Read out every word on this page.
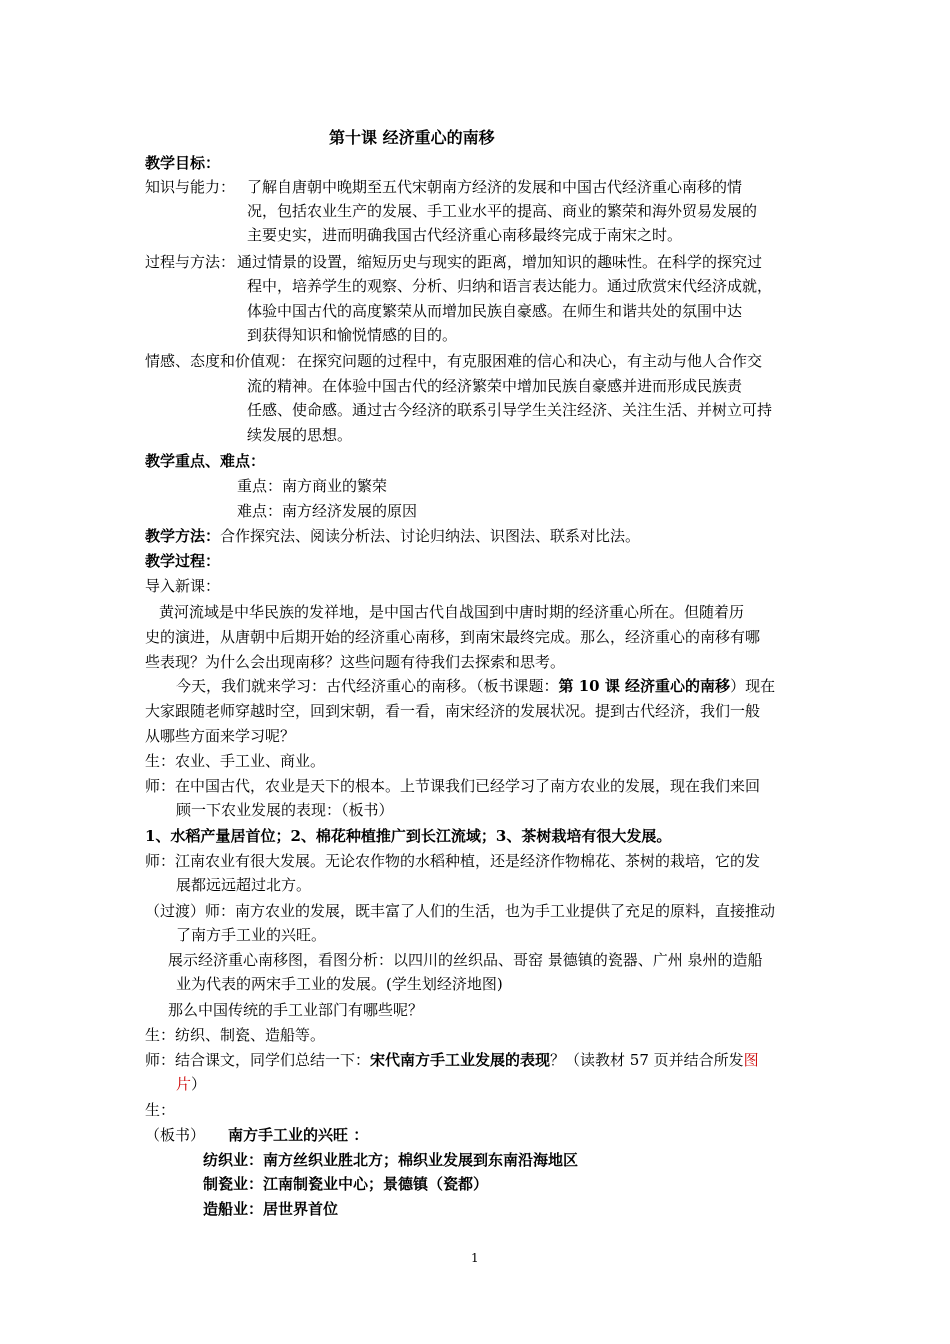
第十课 经济重心的南移
教学目标：
知识与能力： 了解自唐朝中晚期至五代宋朝南方经济的发展和中国古代经济重心南移的情
况，包括农业生产的发展、手工业水平的提高、商业的繁荣和海外贸易发展的
主要史实，进而明确我国古代经济重心南移最终完成于南宋之时。
过程与方法： 通过情景的设置，缩短历史与现实的距离，增加知识的趣味性。在科学的探究过
程中，培养学生的观察、分析、归纳和语言表达能力。通过欣赏宋代经济成就，
体验中国古代的高度繁荣从而增加民族自豪感。在师生和谐共处的氛围中达
到获得知识和愉悦情感的目的。
情感、态度和价值观： 在探究问题的过程中，有克服困难的信心和决心，有主动与他人合作交
流的精神。在体验中国古代的经济繁荣中增加民族自豪感并进而形成民族责
任感、使命感。通过古今经济的联系引导学生关注经济、关注生活、并树立可持
续发展的思想。
教学重点、难点：
重点：南方商业的繁荣
难点：南方经济发展的原因
教学方法：合作探究法、阅读分析法、讨论归纳法、识图法、联系对比法。
教学过程：
导入新课：
黄河流域是中华民族的发祥地，是中国古代自战国到中唐时期的经济重心所在。但随着历
史的演进，从唐朝中后期开始的经济重心南移，到南宋最终完成。那么，经济重心的南移有哪
些表现？为什么会出现南移？这些问题有待我们去探索和思考。
今天，我们就来学习：古代经济重心的南移。（板书课题：第 10 课 经济重心的南移）现在
大家跟随老师穿越时空，回到宋朝，看一看，南宋经济的发展状况。提到古代经济，我们一般
从哪些方面来学习呢？
生：农业、手工业、商业。
师：在中国古代，农业是天下的根本。上节课我们已经学习了南方农业的发展，现在我们来回
顾一下农业发展的表现：（板书）
1、水稻产量居首位；2、棉花种植推广到长江流域；3、茶树栽培有很大发展。
师：江南农业有很大发展。无论农作物的水稻种植，还是经济作物棉花、茶树的栽培，它的发
展都远远超过北方。
（过渡）师：南方农业的发展，既丰富了人们的生活，也为手工业提供了充足的原料，直接推动
了南方手工业的兴旺。
展示经济重心南移图，看图分析：以四川的丝织品、哥窑 景德镇的瓷器、广州 泉州的造船
业为代表的两宋手工业的发展。(学生划经济地图)
那么中国传统的手工业部门有哪些呢？
生：纺织、制瓷、造船等。
师：结合课文，同学们总结一下：宋代南方手工业发展的表现？（读教材 57 页并结合所发图
片）
生：
（板书） 南方手工业的兴旺 ：
纺织业：南方丝织业胜北方；棉织业发展到东南沿海地区
制瓷业：江南制瓷业中心；景德镇（瓷都）
造船业：居世界首位
1
